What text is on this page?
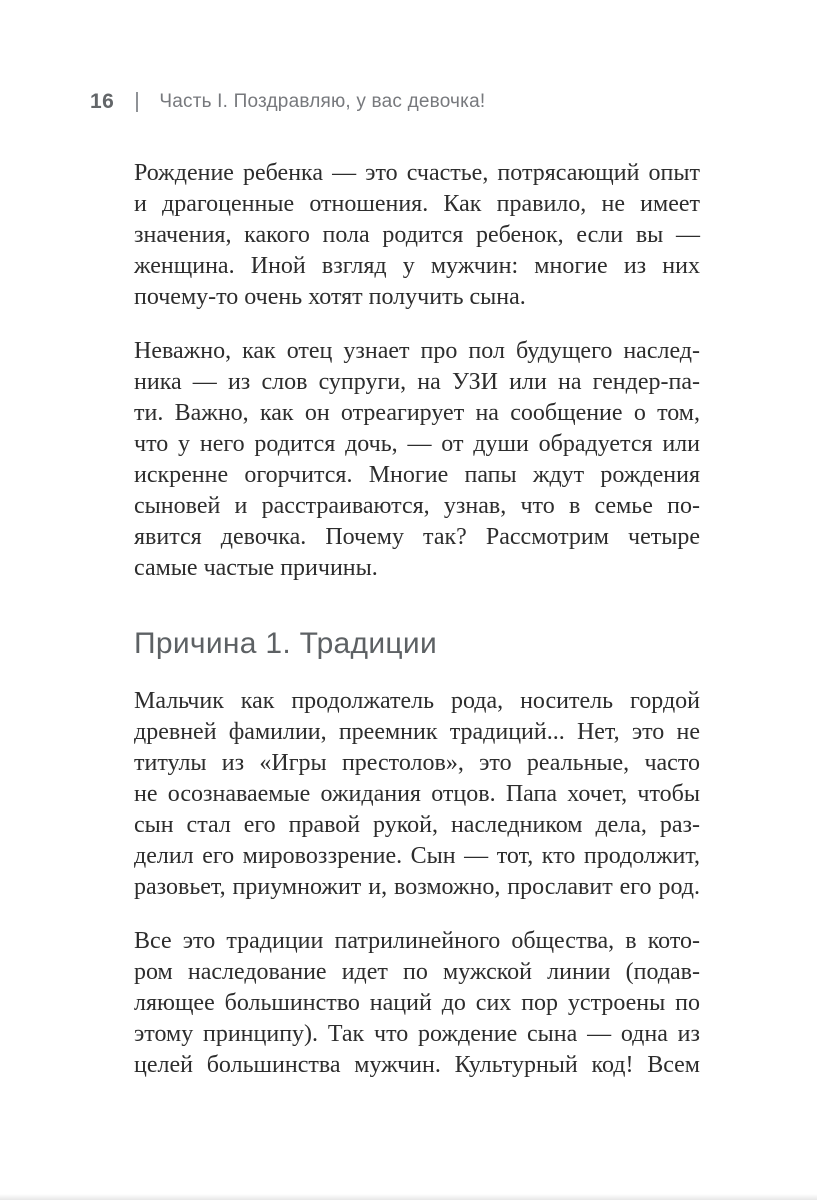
16 Часть I. Поздравляю, у вас девочка!
Рождение ребенка — это счастье, потрясающий опыт
и драгоценные отношения. Как правило, не имеет
значения, какого пола родится ребенок, если вы —
женщина. Иной взгляд у мужчин: многие из них
почему-то очень хотят получить сына.
Неважно, как отец узнает про пол будущего наслед-
ника — из слов супруги, на УЗИ или на гендер-па-
ти. Важно, как он отреагирует на сообщение о том,
что у него родится дочь, — от души обрадуется или
искренне огорчится. Многие папы ждут рождения
сыновей и расстраиваются, узнав, что в семье по-
явится девочка. Почему так? Рассмотрим четыре
самые частые причины.
Причина 1. Традиции
Мальчик как продолжатель рода, носитель гордой
древней фамилии, преемник традиций... Нет, это не
титулы из «Игры престолов», это реальные, часто
не осознаваемые ожидания отцов. Папа хочет, чтобы
сын стал его правой рукой, наследником дела, раз-
делил его мировоззрение. Сын — тот, кто продолжит,
разовьет, приумножит и, возможно, прославит его род.
Все это традиции патрилинейного общества, в кото-
ром наследование идет по мужской линии (подав-
ляющее большинство наций до сих пор устроены по
этому принципу). Так что рождение сына — одна из
целей большинства мужчин. Культурный код! Всем
